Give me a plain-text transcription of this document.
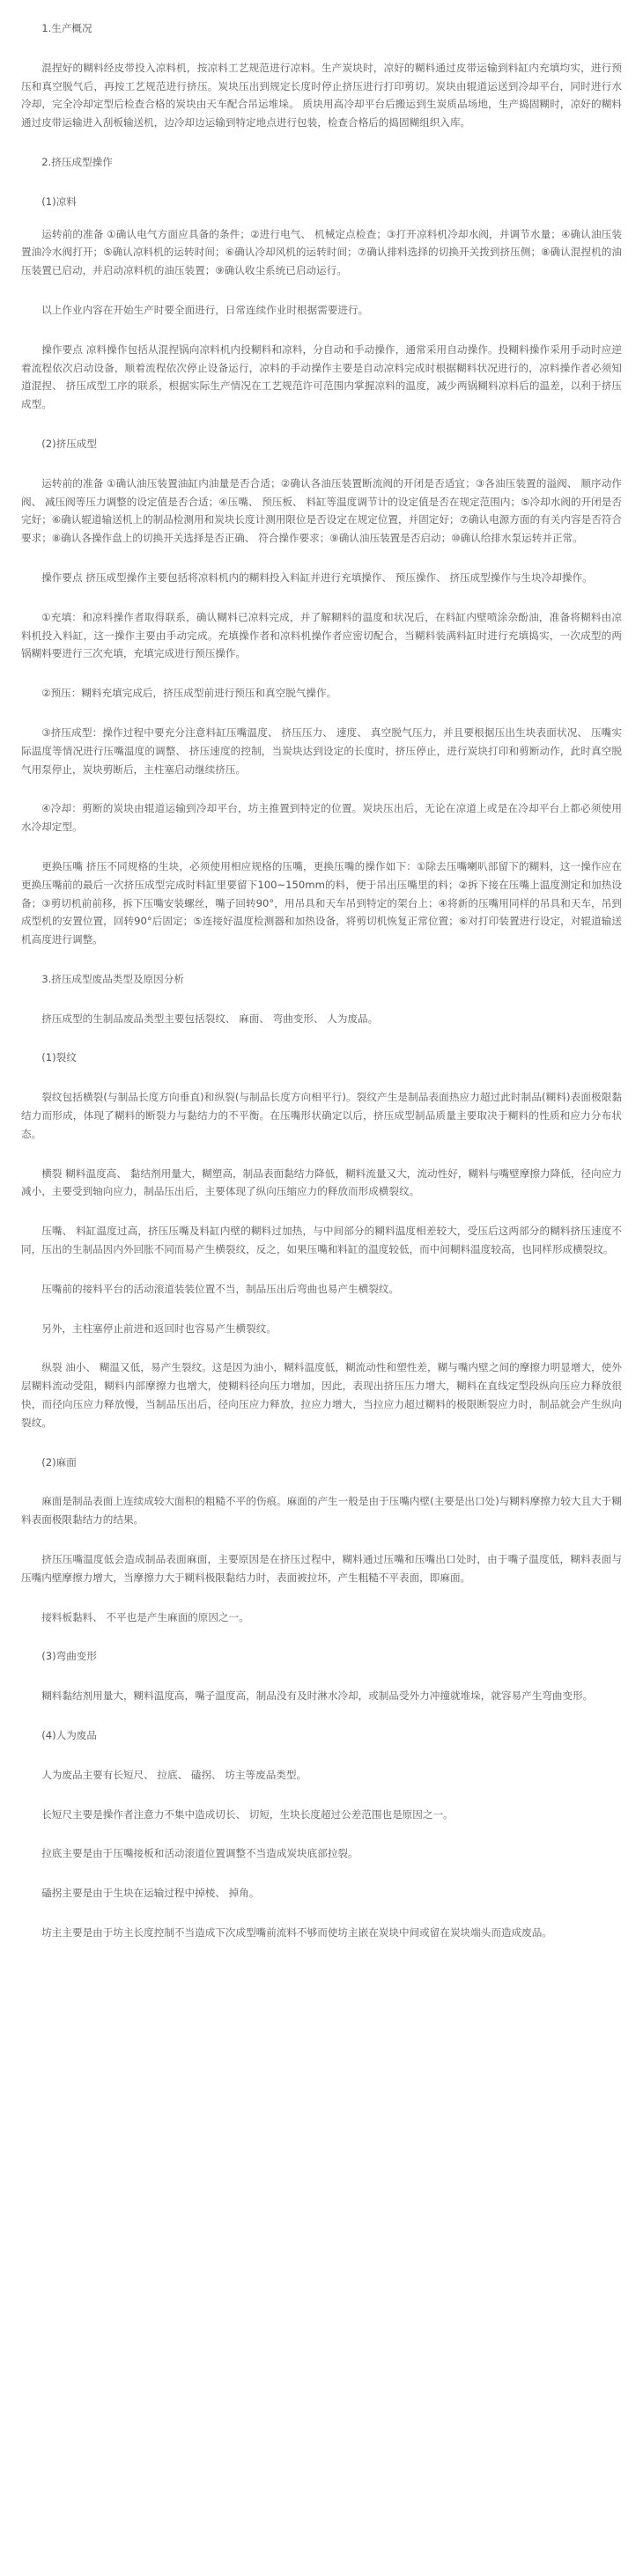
1.生产概况

混捏好的糊料经皮带投入凉料机，按凉料工艺规范进行凉料。生产炭块时，凉好的糊料通过皮带运输到料缸内充填均实，进行预压和真空脱气后，再按工艺规范进行挤压。炭块压出到规定长度时停止挤压进行打印剪切。炭块由辊道运送到冷却平台，同时进行水冷却，完全冷却定型后检查合格的炭块由天车配合吊运堆垛。 质块用高冷却平台后搬运到生炭质品场地，生产捣固糊时，凉好的糊料通过皮带运输进入刮板输送机，边冷却边运输到特定地点进行包装，检查合格后的捣固糊组织入库。

2.挤压成型操作

(1)凉料

运转前的准备 ①确认电气方面应具备的条件；②进行电气、 机械定点检查；③打开凉料机冷却水阀，并调节水量；④确认油压装置油冷水阀打开；⑤确认凉料机的运转时间；⑥确认冷却风机的运转时间；⑦确认排料选择的切换开关拨到挤压侧；⑧确认混捏机的油压装置已启动，并启动凉料机的油压装置；⑨确认收尘系统已启动运行。

以上作业内容在开始生产时要全面进行，日常连续作业时根据需要进行。

操作要点 凉料操作包括从混捏锅向凉料机内投糊料和凉料，分自动和手动操作，通常采用自动操作。投糊料操作采用手动时应逆着流程依次启动设备，顺着流程依次停止设备运行，凉料的手动操作主要是自动凉料完成时根据糊料状况进行的，凉料操作者必须知道混捏、 挤压成型工序的联系，根据实际生产情况在工艺规范许可范围内掌握凉料的温度，减少两锅糊料凉料后的温差，以利于挤压成型。

(2)挤压成型

运转前的准备 ①确认油压装置油缸内油量是否合适；②确认各油压装置断流阀的开闭是否适宜；③各油压装置的溢阀、 顺序动作阀、 减压阀等压力调整的设定值是否合适；④压嘴、 预压板、 料缸等温度调节计的设定值是否在规定范围内；⑤冷却水阀的开闭是否完好；⑥确认辊道输送机上的制品检测用和炭块长度计测用限位是否设定在规定位置，并固定好；⑦确认电源方面的有关内容是否符合要求；⑧确认各操作盘上的切换开关选择是否正确、 符合操作要求；⑨确认油压装置是否启动；⑩确认给排水泵运转并正常。

操作要点 挤压成型操作主要包括将凉料机内的糊料投入料缸并进行充填操作、 预压操作、 挤压成型操作与生块冷却操作。

①充填：和凉料操作者取得联系，确认糊料已凉料完成，并了解糊料的温度和状况后，在料缸内壁喷涂杂酚油，准备将糊料由凉料机投入料缸，这一操作主要由手动完成。充填操作者和凉料机操作者应密切配合，当糊料装满料缸时进行充填捣实，一次成型的两锅糊料要进行三次充填，充填完成进行预压操作。

②预压：糊料充填完成后，挤压成型前进行预压和真空脱气操作。

③挤压成型：操作过程中要充分注意料缸压嘴温度、 挤压压力、 速度、 真空脱气压力，并且要根据压出生块表面状况、 压嘴实际温度等情况进行压嘴温度的调整、 挤压速度的控制，当炭块达到设定的长度时，挤压停止，进行炭块打印和剪断动作，此时真空脱气用泵停止，炭块剪断后，主柱塞启动继续挤压。

④冷却：剪断的炭块由辊道运输到冷却平台，坊主推置到特定的位置。炭块压出后，无论在凉道上或是在冷却平台上都必须使用水冷却定型。

更换压嘴 挤压不同规格的生块，必须使用相应规格的压嘴，更换压嘴的操作如下：①除去压嘴喇叭部留下的糊料，这一操作应在更换压嘴前的最后一次挤压成型完成时料缸里要留下100~150mm的料，便于吊出压嘴里的料；②拆下接在压嘴上温度测定和加热设备；③剪切机前前移，拆下压嘴安装螺丝，嘴子回转90°，用吊具和天车吊到特定的架台上；④将新的压嘴用同样的吊具和天车，吊到成型机的安置位置，回转90°后固定；⑤连接好温度检测器和加热设备，将剪切机恢复正常位置；⑥对打印装置进行设定，对辊道输送机高度进行调整。

3.挤压成型废品类型及原因分析

挤压成型的生制品废品类型主要包括裂纹、 麻面、 弯曲变形、 人为废品。

(1)裂纹

裂纹包括横裂(与制品长度方向垂直)和纵裂(与制品长度方向相平行)。裂纹产生是制品表面热应力超过此时制品(糊料)表面极限黏结力而形成，体现了糊料的断裂力与黏结力的不平衡。在压嘴形状确定以后，挤压成型制品质量主要取决于糊料的性质和应力分布状态。

横裂 糊料温度高、 黏结剂用量大，糊塑高，制品表面黏结力降低，糊料流量又大，流动性好，糊料与嘴壁摩擦力降低，径向应力减小，主要受到轴向应力，制品压出后，主要体现了纵向压缩应力的释放而形成横裂纹。

压嘴、 料缸温度过高，挤压压嘴及料缸内壁的糊料过加热，与中间部分的糊料温度相差较大，受压后这两部分的糊料挤压速度不同，压出的生制品因内外回胀不同而易产生横裂纹，反之，如果压嘴和料缸的温度较低，而中间糊料温度较高，也同样形成横裂纹。

压嘴前的接料平台的活动滚道装装位置不当，制品压出后弯曲也易产生横裂纹。

另外，主柱塞停止前进和返回时也容易产生横裂纹。

纵裂 油小、 糊温又低，易产生裂纹。这是因为油小，糊料温度低，糊流动性和塑性差，糊与嘴内壁之间的摩擦力明显增大，使外层糊料流动受阻，糊料内部摩擦力也增大，使糊料径向压力增加，因此，表现出挤压压力增大，糊料在直线定型段纵向压应力释放很快，而径向压应力释放慢，当制品压出后，径向压应力释放，拉应力增大，当拉应力超过糊料的极限断裂应力时，制品就会产生纵向裂纹。

(2)麻面

麻面是制品表面上连续成较大面积的粗糙不平的伤痕。麻面的产生一般是由于压嘴内壁(主要是出口处)与糊料摩擦力较大且大于糊料表面极限黏结力的结果。

挤压压嘴温度低会造成制品表面麻面，主要原因是在挤压过程中，糊料通过压嘴和压嘴出口处时，由于嘴子温度低，糊料表面与压嘴内壁摩擦力增大，当摩擦力大于糊料极限黏结力时，表面被拉坏，产生粗糙不平表面，即麻面。

接料板黏料、 不平也是产生麻面的原因之一。

(3)弯曲变形

糊料黏结剂用量大，糊料温度高，嘴子温度高，制品没有及时淋水冷却，或制品受外力冲撞就堆垛，就容易产生弯曲变形。

(4)人为废品

人为废品主要有长短尺、 拉底、 磕拐、 坊主等废品类型。

长短尺主要是操作者注意力不集中造成切长、 切短，生块长度超过公差范围也是原因之一。

拉底主要是由于压嘴接板和活动滚道位置调整不当造成炭块底部拉裂。

磕拐主要是由于生块在运输过程中掉棱、 掉角。

坊主主要是由于坊主长度控制不当造成下次成型嘴前流料不够而使坊主嵌在炭块中间或留在炭块端头而造成废品。
